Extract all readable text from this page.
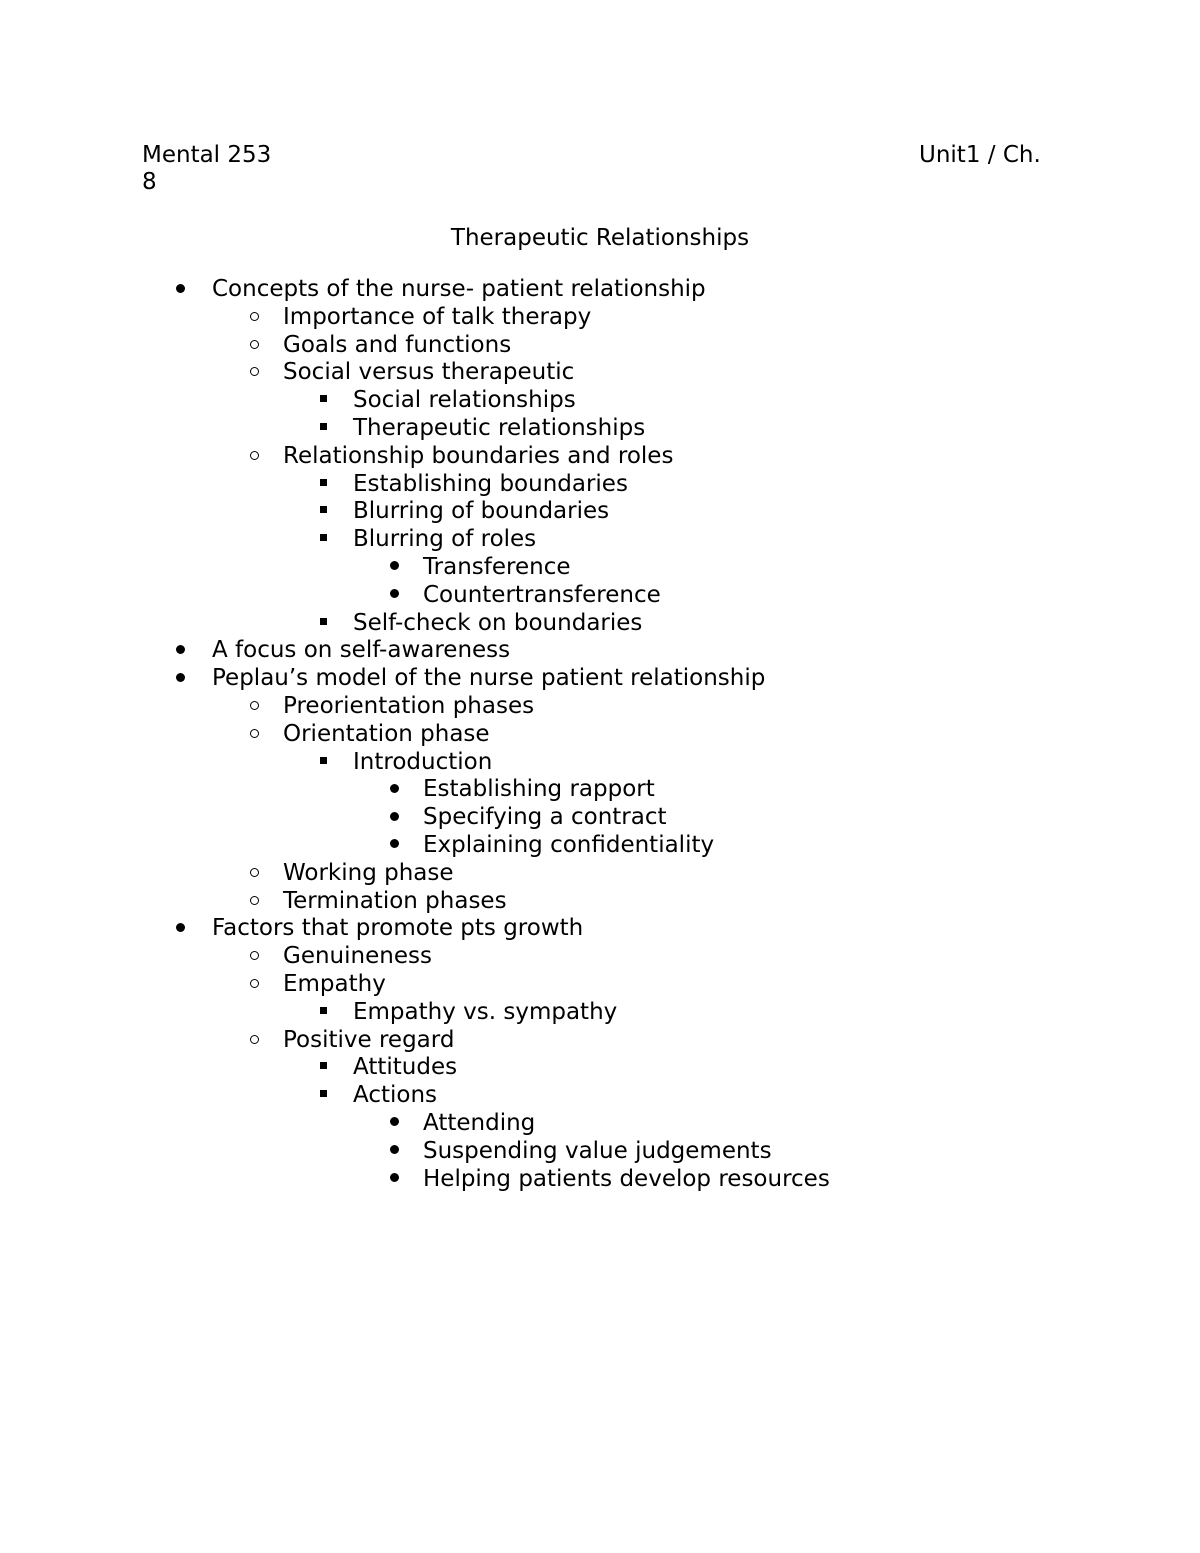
Mental 253	Unit1 / Ch.
8
Therapeutic Relationships
Concepts of the nurse- patient relationship
Importance of talk therapy
Goals and functions
Social versus therapeutic
Social relationships
Therapeutic relationships
Relationship boundaries and roles
Establishing boundaries
Blurring of boundaries
Blurring of roles
Transference
Countertransference
Self-check on boundaries
A focus on self-awareness
Peplau’s model of the nurse patient relationship
Preorientation phases
Orientation phase
Introduction
Establishing rapport
Specifying a contract
Explaining confidentiality
Working phase
Termination phases
Factors that promote pts growth
Genuineness
Empathy
Empathy vs. sympathy
Positive regard
Attitudes
Actions
Attending
Suspending value judgements
Helping patients develop resources
